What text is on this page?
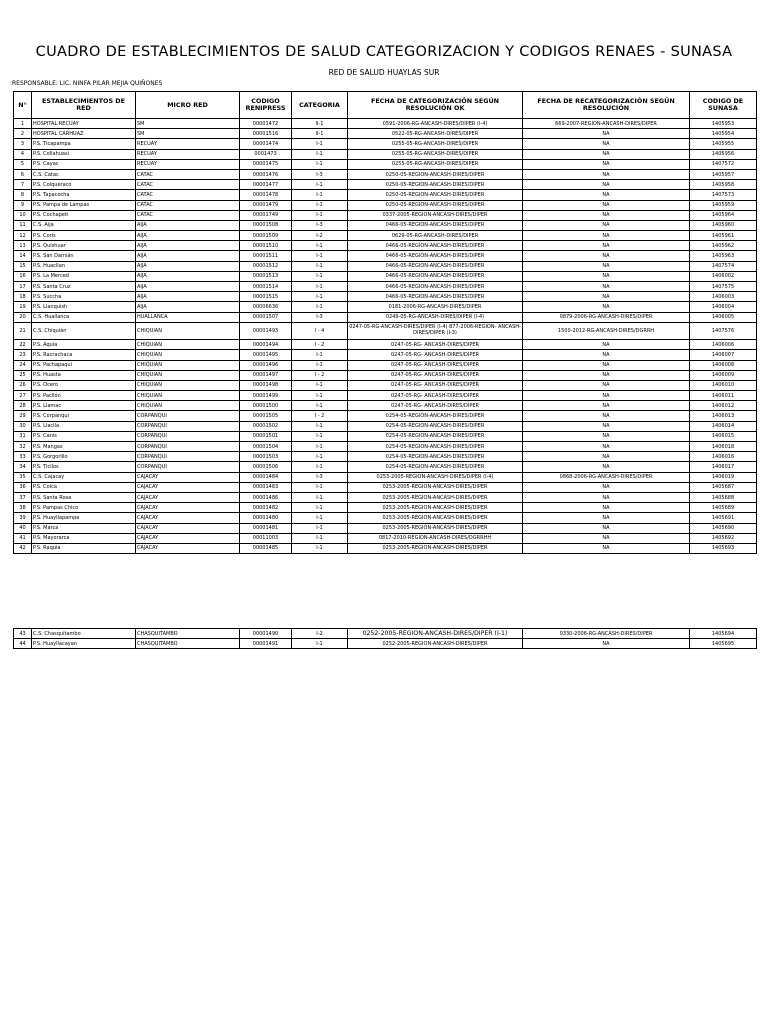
CUADRO DE ESTABLECIMIENTOS DE SALUD CATEGORIZACION Y CODIGOS RENAES - SUNASA
RED DE SALUD HUAYLAS SUR
RESPONSABLE: LIC. NINFA PILAR MEJIA QUIÑONES
N°	ESTABLECIMIENTOS DE RED	MICRO RED	CODIGO RENIPRESS	CATEGORIA	FECHA DE CATEGORIZACIÓN SEGÚN RESOLUCIÓN OK	FECHA DE RECATEGORIZACIÓN SEGÚN RESOLUCIÓN	CODIGO DE SUNASA
1	HOSPITAL RECUAY	SM	00001472	II-1	0591-2006-RG-ANCASH-DIRES/DIPER (I-4)	669-2007-REGION-ANCASH-DIRES/DIPER	1405953
2	HOSPITAL CARHUAZ	SM	00001516	II-1	0522-05-RG-ANCASH-DIRES/DIPER	NA	1405954
3	P.S. Ticapampa	RECUAY	00001474	I-1	0255-05-RG-ANCASH-DIRES/DIPER	NA	1405955
4	P.S. Collahuasi	RECUAY	0001473	I-1	0255-05-RG-ANCASH-DIRES/DIPER	NA	1405956
5	P.S. Cayac	RECUAY	00001475	I-1	0255-05-RG-ANCASH-DIRES/DIPER	NA	1407572
6	C.S. Catac	CATAC	00001476	I-3	0250-05-REGION-ANCASH-DIRES/DIPER	NA	1405957
7	P.S. Colqueraco	CATAC	00001477	I-1	0250-05-REGION-ANCASH-DIRES/DIPER	NA	1405958
8	P.S. Tapacocha	CATAC	00001478	I-1	0250-05-REGION-ANCASH-DIRES/DIPER	NA	1407573
9	P.S. Pampa de Lampas	CATAC	00001479	I-1	0250-05-REGION-ANCASH-DIRES/DIPER	NA	1405959
10	P.S. Cochapeti	CATAC	00001749	I-1	0337-2005-REGION-ANCASH-DIRES/DIPER	NA	1405964
11	C.S. Aija	AIJA	00001508	I-3	0466-05-REGION-ANCASH-DIRES/DIPER	NA	1405960
12	P.S. Coris	AIJA	00001509	I-2	0629-05-RG-ANCASH-DIRES/DIPER	NA	1405961
13	P.S. Quishuar	AIJA	00001510	I-1	0466-05-REGION-ANCASH-DIRES/DIPER	NA	1405962
14	P.S. San Damián	AIJA	00001511	I-1	0466-05-REGION-ANCASH-DIRES/DIPER	NA	1405963
15	P.S. Huacllan	AIJA	00001512	I-1	0466-05-REGION-ANCASH-DIRES/DIPER	NA	1407574
16	P.S. La Merced	AIJA	00001513	I-1	0466-05-REGION-ANCASH-DIRES/DIPER	NA	1406002
17	P.S. Santa Cruz	AIJA	00001514	I-1	0466-05-REGION-ANCASH-DIRES/DIPER	NA	1407575
18	P.S. Succha	AIJA	00001515	I-1	0466-05-REGION-ANCASH-DIRES/DIPER	NA	1406003
19	P.S. Llanquish	AIJA	00006636	I-1	0181-2006-RG-ANCASH-DIRES/DIPER	NA	1406004
20	C.S. Huallanca	HUALLANCA	00001507	I-3	0249-05-RG-ANCASH-DIRES/DIPER (I-4)	0879-2006-RG-ANCASH-DIRES/DIPER	1406005
21	C.S. Chiquián	CHIQUIAN	00001493	I - 4	0247-05-RG-ANCASH-DIRES/DIPER (I-4) 877-2006-REGION- ANCASH-DIRES/DIPER (I-3)	1500-2012-RG-ANCASH-DIRES/DGRRH	1407576
22	P.S. Aquia	CHIQUIAN	00001494	I - 2	0247-05-RG- ANCASH-DIRES/DIPER	NA	1406006
23	P.S. Racrachaca	CHIQUIAN	00001495	I-1	0247-05-RG- ANCASH-DIRES/DIPER	NA	1406007
24	P.S. Pachapaqui	CHIQUIAN	00001496	I-1	0247-05-RG- ANCASH-DIRES/DIPER	NA	1406008
25	P.S. Huasta	CHIQUIAN	00001497	I - 2	0247-05-RG- ANCASH-DIRES/DIPER	NA	1406009
26	P.S. Ocero	CHIQUIAN	00001498	I-1	0247-05-RG- ANCASH-DIRES/DIPER	NA	1406010
27	P.S. Pacllón	CHIQUIAN	00001499	I-1	0247-05-RG- ANCASH-DIRES/DIPER	NA	1406011
28	P.S. Llamac	CHIQUIAN	00001500	I-1	0247-05-RG- ANCASH-DIRES/DIPER	NA	1406012
29	P.S. Corpanqui	CORPANQUI	00001505	I - 2	0254-05-REGION-ANCASH-DIRES/DIPER	NA	1406013
30	P.S. Llaclla	CORPANQUI	00001502	I-1	0254-05-REGION-ANCASH-DIRES/DIPER	NA	1406014
31	P.S. Canis	CORPANQUI	00001501	I-1	0254-05-REGION-ANCASH-DIRES/DIPER	NA	1406015
32	P.S. Mangas	CORPANQUI	00001504	I-1	0254-05-REGION-ANCASH-DIRES/DIPER	NA	1406018
33	P.S. Gorgorillo	CORPANQUI	00001503	I-1	0254-05-REGION-ANCASH-DIRES/DIPER	NA	1406016
34	P.S. Ticllos	CORPANQUI	00001506	I-1	0254-05-REGION-ANCASH-DIRES/DIPER	NA	1406017
35	C.S. Cajacay	CAJACAY	00001484	I-3	0253-2005-REGION-ANCASH-DIRES/DIPER (I-4)	0868-2006-RG-ANCASH-DIRES/DIPER	1406019
36	P.S. Colca	CAJACAY	00001483	I-1	0253-2005-REGION-ANCASH-DIRES/DIPER	NA	1405687
37	P.S. Santa Rosa	CAJACAY	00001486	I-1	0253-2005-REGION-ANCASH-DIRES/DIPER	NA	1405688
38	P.S. Pampas Chico	CAJACAY	00001482	I-1	0253-2005-REGION-ANCASH-DIRES/DIPER	NA	1405689
39	P.S. Huayllapampa	CAJACAY	00001480	I-1	0253-2005-REGION-ANCASH-DIRES/DIPER	NA	1405691
40	P.S. Marca	CAJACAY	00001481	I-1	0253-2005-REGION-ANCASH-DIRES/DIPER	NA	1405690
41	P.S. Mayorarca	CAJACAY	00011003	I-1	0817-2010-REGION-ANCASH-DIRES/DGRRHH	NA	1405692
42	P.S. Raquia	CAJACAY	00001485	I-1	0253-2005-REGION-ANCASH-DIRES/DIPER	NA	1405693
43	C.S. Chasquitambo	CHASQUITAMBO	00001490	I-2	0252-2005-REGION-ANCASH-DIRES/DIPER (I-1)	0330-2006-RG-ANCASH-DIRES/DIPER	1405694
44	P.S. Huayllacayan	CHASQUITAMBO	00001491	I-1	0252-2005-REGION-ANCASH-DIRES/DIPER	NA	1405695
